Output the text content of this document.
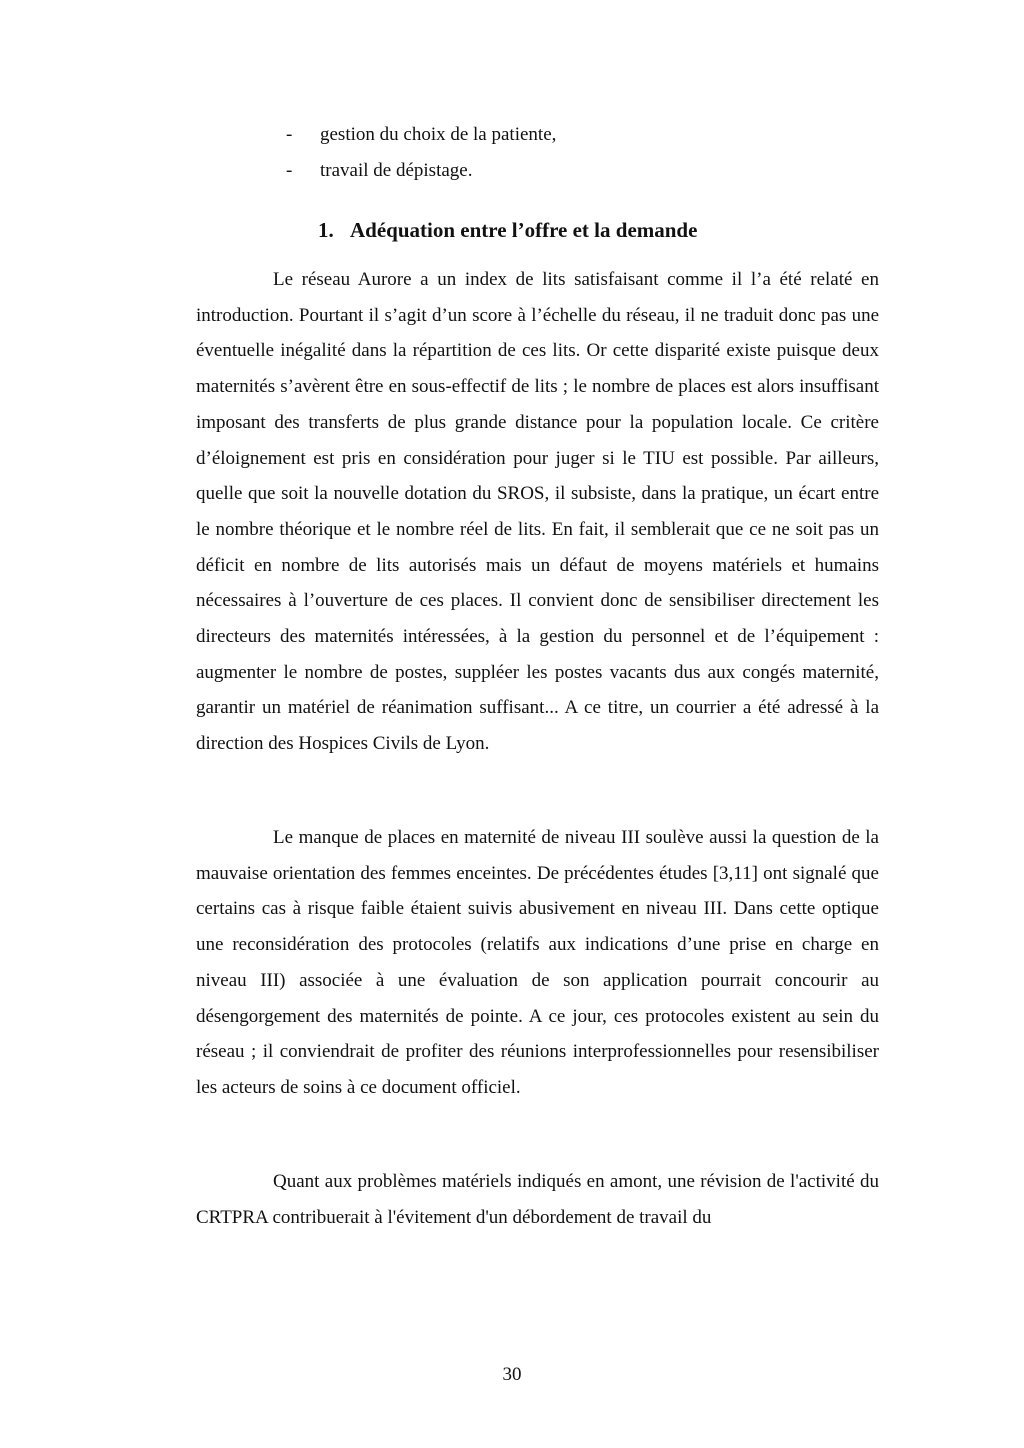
- gestion du choix de la patiente,
- travail de dépistage.
1. Adéquation entre l’offre et la demande

Le réseau Aurore a un index de lits satisfaisant comme il l’a été relaté en introduction. Pourtant il s’agit d’un score à l’échelle du réseau, il ne traduit donc pas une éventuelle inégalité dans la répartition de ces lits. Or cette disparité existe puisque deux maternités s’avèrent être en sous-effectif de lits ; le nombre de places est alors insuffisant imposant des transferts de plus grande distance pour la population locale. Ce critère d’éloignement est pris en considération pour juger si le TIU est possible. Par ailleurs, quelle que soit la nouvelle dotation du SROS, il subsiste, dans la pratique, un écart entre le nombre théorique et le nombre réel de lits. En fait, il semblerait que ce ne soit pas un déficit en nombre de lits autorisés mais un défaut de moyens matériels et humains nécessaires à l’ouverture de ces places. Il convient donc de sensibiliser directement les directeurs des maternités intéressées, à la gestion du personnel et de l’équipement : augmenter le nombre de postes, suppléer les postes vacants dus aux congés maternité, garantir un matériel de réanimation suffisant... A ce titre, un courrier a été adressé à la direction des Hospices Civils de Lyon.

Le manque de places en maternité de niveau III soulève aussi la question de la mauvaise orientation des femmes enceintes. De précédentes études [3,11] ont signalé que certains cas à risque faible étaient suivis abusivement en niveau III. Dans cette optique une reconsidération des protocoles (relatifs aux indications d’une prise en charge en niveau III) associée à une évaluation de son application pourrait concourir au désengorgement des maternités de pointe. A ce jour, ces protocoles existent au sein du réseau ; il conviendrait de profiter des réunions interprofessionnelles pour resensibiliser les acteurs de soins à ce document officiel.

Quant aux problèmes matériels indiqués en amont, une révision de l'activité du CRTPRA contribuerait à l'évitement d'un débordement de travail du

30
